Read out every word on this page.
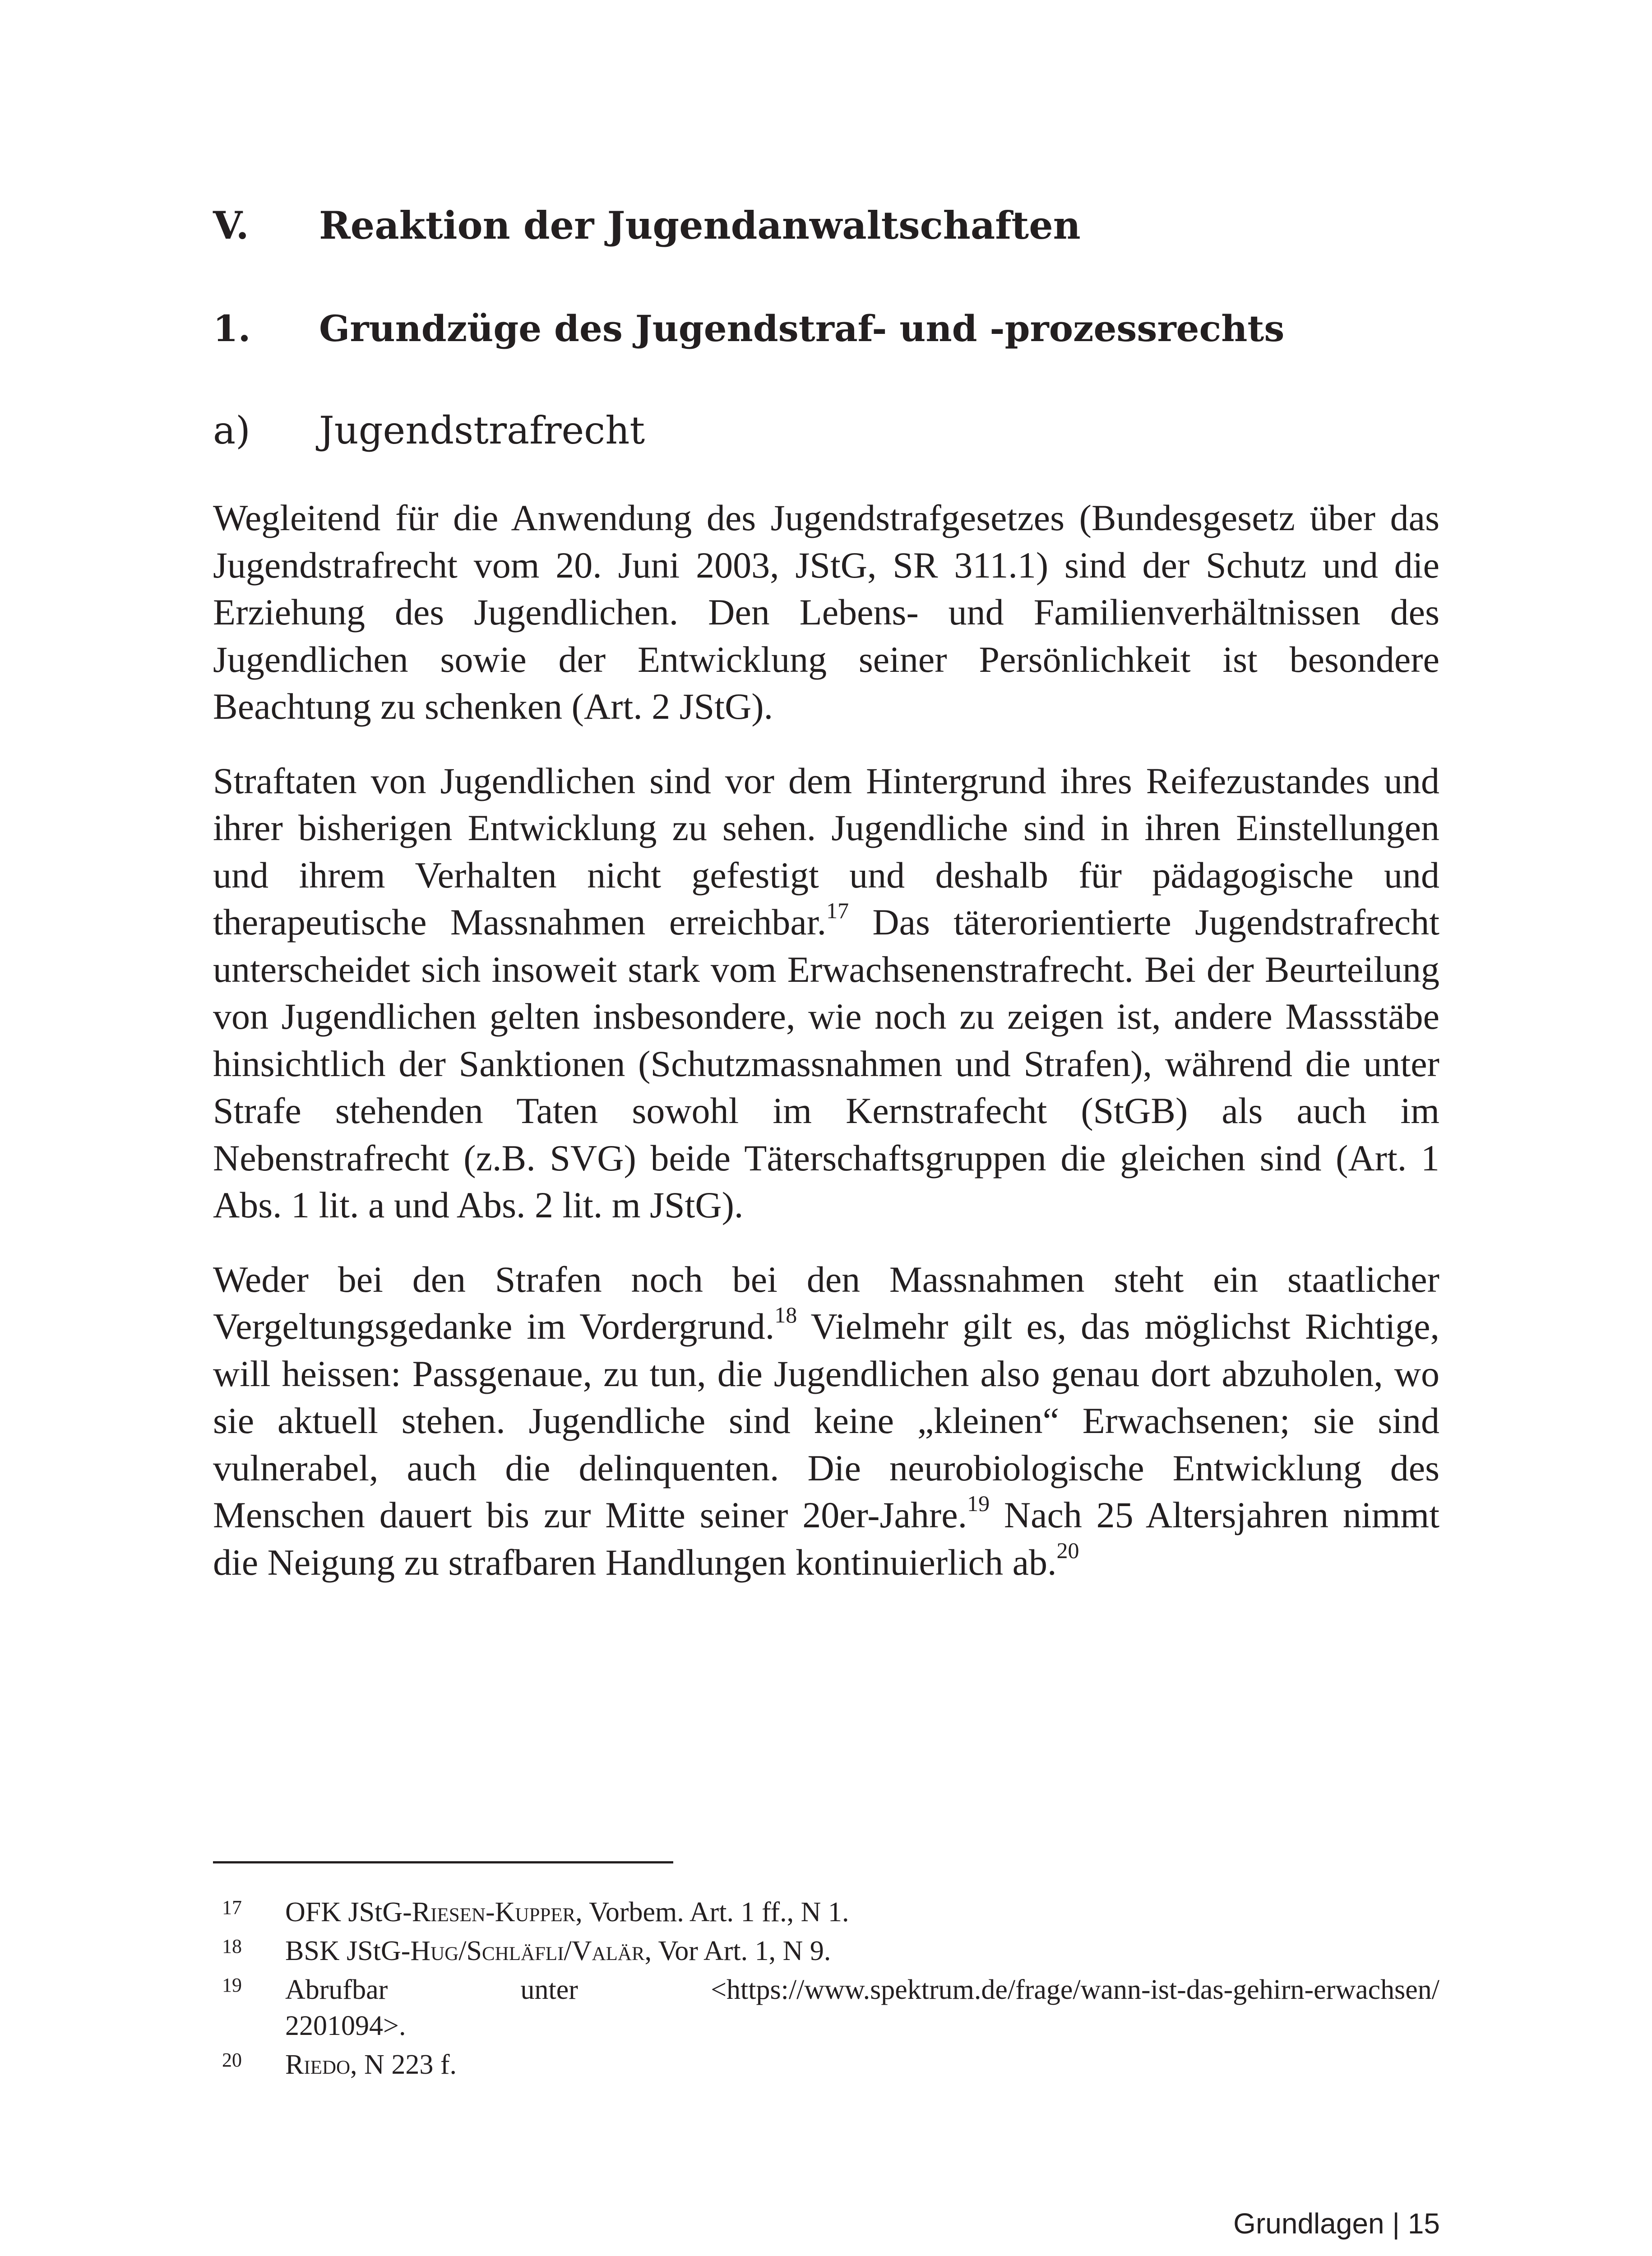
V. Reaktion der Jugendanwaltschaften
1. Grundzüge des Jugendstraf- und -prozessrechts
a) Jugendstrafrecht

Wegleitend für die Anwendung des Jugendstrafgesetzes (Bundesgesetz über das Jugendstrafrecht vom 20. Juni 2003, JStG, SR 311.1) sind der Schutz und die Erziehung des Jugendlichen. Den Lebens- und Familienverhältnissen des Jugendlichen sowie der Entwicklung seiner Persönlichkeit ist besondere Beachtung zu schenken (Art. 2 JStG).

Straftaten von Jugendlichen sind vor dem Hintergrund ihres Reifezustandes und ihrer bisherigen Entwicklung zu sehen. Jugendliche sind in ihren Einstellungen und ihrem Verhalten nicht gefestigt und deshalb für pädagogische und therapeutische Massnahmen erreichbar.$^{17}$ Das täterorientierte Jugendstrafrecht unterscheidet sich insoweit stark vom Erwachsenenstrafrecht. Bei der Beurteilung von Jugendlichen gelten insbesondere, wie noch zu zeigen ist, andere Massstäbe hinsichtlich der Sanktionen (Schutzmassnahmen und Strafen), während die unter Strafe stehenden Taten sowohl im Kernstrafecht (StGB) als auch im Nebenstrafrecht (z.B. SVG) beide Täterschaftsgruppen die gleichen sind (Art. 1 Abs. 1 lit. a und Abs. 2 lit. m JStG).

Weder bei den Strafen noch bei den Massnahmen steht ein staatlicher Vergeltungsgedanke im Vordergrund.$^{18}$ Vielmehr gilt es, das möglichst Richtige, will heissen: Passgenaue, zu tun, die Jugendlichen also genau dort abzuholen, wo sie aktuell stehen. Jugendliche sind keine „kleinen“ Erwachsenen; sie sind vulnerabel, auch die delinquenten. Die neurobiologische Entwicklung des Menschen dauert bis zur Mitte seiner 20er-Jahre.$^{19}$ Nach 25 Altersjahren nimmt die Neigung zu strafbaren Handlungen kontinuierlich ab.$^{20}$

17 OFK JStG-Riesen-Kupper, Vorbem. Art. 1 ff., N 1.
18 BSK JStG-Hug/Schläfli/Valär, Vor Art. 1, N 9.
19 Abrufbar unter <https://www.spektrum.de/frage/wann-ist-das-gehirn-erwachsen/
2201094>.
20 Riedo, N 223 f.
Grundlagen | 15
